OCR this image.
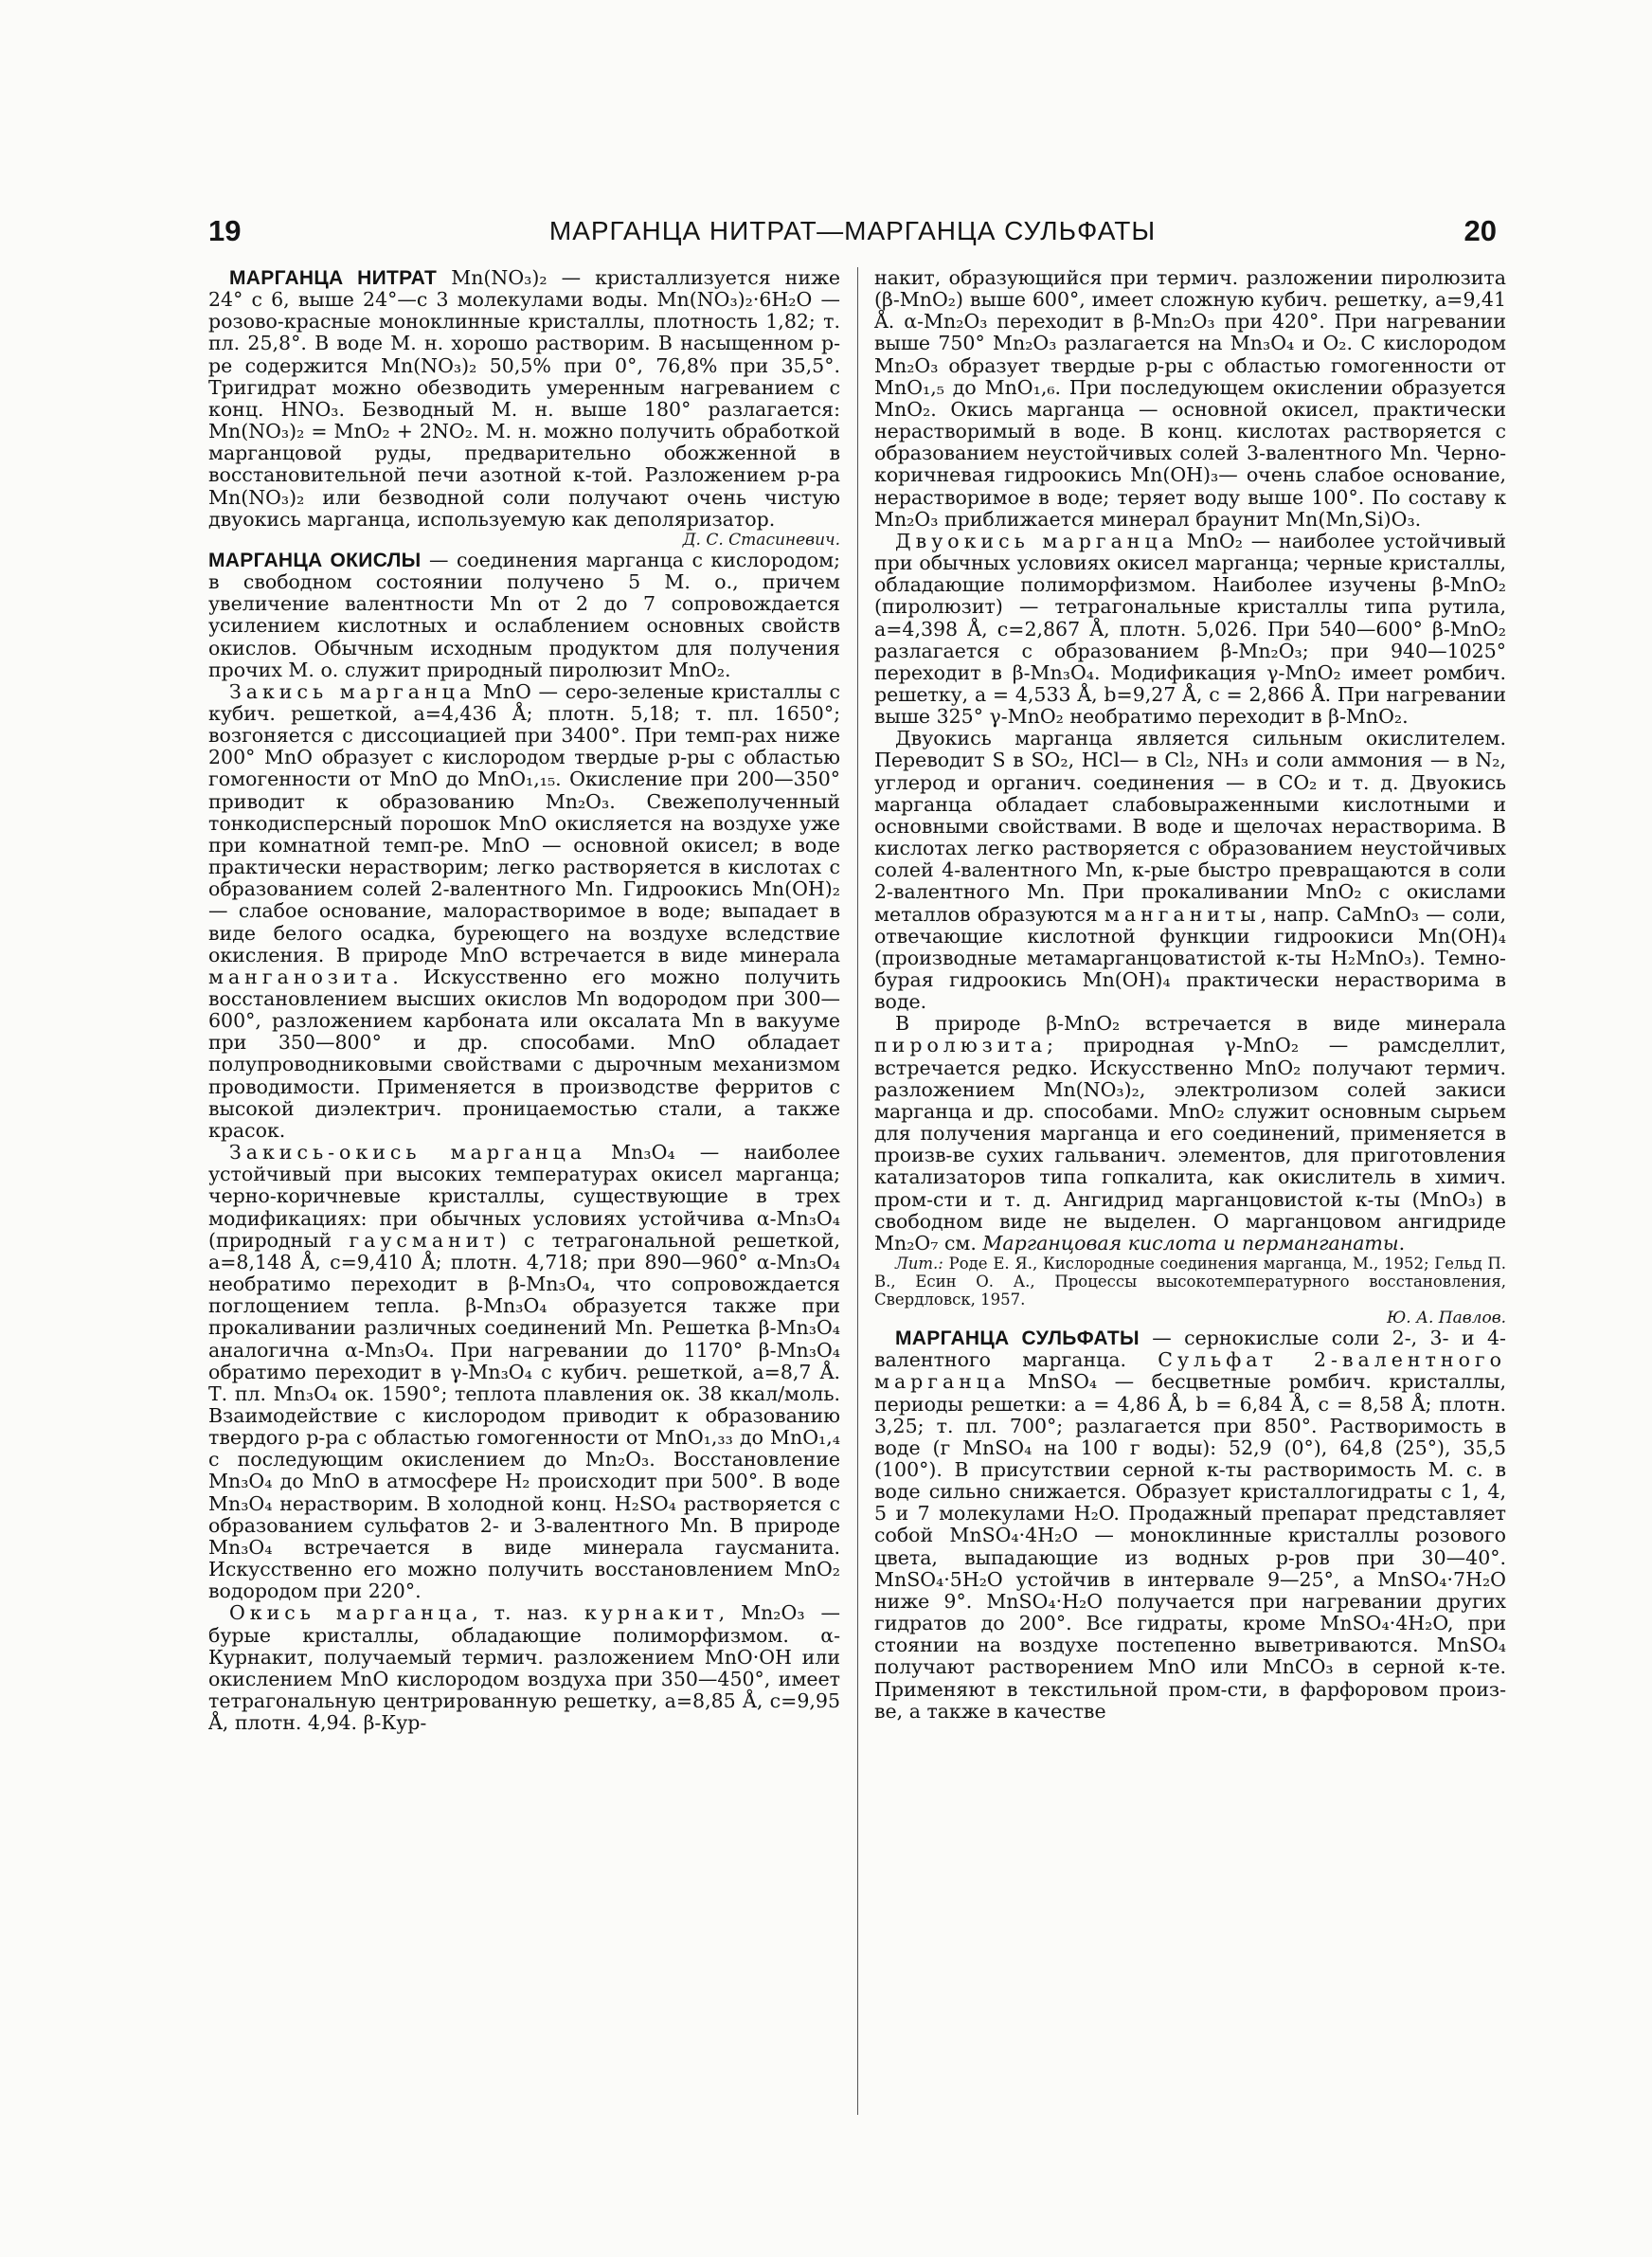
19	МАРГАНЦА НИТРАТ—МАРГАНЦА СУЛЬФАТЫ	20

МАРГАНЦА НИТРАТ Mn(NO₃)₂ — кристаллизуется ниже 24° с 6, выше 24°—с 3 молекулами воды. Mn(NO₃)₂·6H₂O — розово-красные моноклинные кристаллы, плотность 1,82; т. пл. 25,8°. В воде М. н. хорошо растворим. В насыщенном р-ре содержится Mn(NO₃)₂ 50,5% при 0°, 76,8% при 35,5°. Тригидрат можно обезводить умеренным нагреванием с конц. HNO₃. Безводный М. н. выше 180° разлагается: Mn(NO₃)₂ = MnO₂ + 2NO₂. М. н. можно получить обработкой марганцовой руды, предварительно обожженной в восстановительной печи азотной к-той. Разложением р-ра Mn(NO₃)₂ или безводной соли получают очень чистую двуокись марганца, используемую как деполяризатор.
Д. С. Стасиневич.

МАРГАНЦА ОКИСЛЫ — соединения марганца с кислородом; в свободном состоянии получено 5 М. о., причем увеличение валентности Mn от 2 до 7 сопровождается усилением кислотных и ослаблением основных свойств окислов. Обычным исходным продуктом для получения прочих М. о. служит природный пиролюзит MnO₂.

Закись марганца MnO — серо-зеленые кристаллы с кубич. решеткой, a=4,436 Å; плотн. 5,18; т. пл. 1650°; возгоняется с диссоциацией при 3400°. При темп-рах ниже 200° MnO образует с кислородом твердые р-ры с областью гомогенности от MnO до MnO₁,₁₅. Окисление при 200—350° приводит к образованию Mn₂O₃. Свежеполученный тонкодисперсный порошок MnO окисляется на воздухе уже при комнатной темп-ре. MnO — основной окисел; в воде практически нерастворим; легко растворяется в кислотах с образованием солей 2-валентного Mn. Гидроокись Mn(OH)₂ — слабое основание, малорастворимое в воде; выпадает в виде белого осадка, буреющего на воздухе вследствие окисления. В природе MnO встречается в виде минерала манганозита. Искусственно его можно получить восстановлением высших окислов Mn водородом при 300—600°, разложением карбоната или оксалата Mn в вакууме при 350—800° и др. способами. MnO обладает полупроводниковыми свойствами с дырочным механизмом проводимости. Применяется в производстве ферритов с высокой диэлектрич. проницаемостью стали, а также красок.

Закись-окись марганца Mn₃O₄ — наиболее устойчивый при высоких температурах окисел марганца; черно-коричневые кристаллы, существующие в трех модификациях: при обычных условиях устойчива α-Mn₃O₄ (природный гаусманит) с тетрагональной решеткой, a=8,148 Å, c=9,410 Å; плотн. 4,718; при 890—960° α-Mn₃O₄ необратимо переходит в β-Mn₃O₄, что сопровождается поглощением тепла. β-Mn₃O₄ образуется также при прокаливании различных соединений Mn. Решетка β-Mn₃O₄ аналогична α-Mn₃O₄. При нагревании до 1170° β-Mn₃O₄ обратимо переходит в γ-Mn₃O₄ с кубич. решеткой, a=8,7 Å. Т. пл. Mn₃O₄ ок. 1590°; теплота плавления ок. 38 ккал/моль. Взаимодействие с кислородом приводит к образованию твердого р-ра с областью гомогенности от MnO₁,₃₃ до MnO₁,₄ с последующим окислением до Mn₂O₃. Восстановление Mn₃O₄ до MnO в атмосфере H₂ происходит при 500°. В воде Mn₃O₄ нерастворим. В холодной конц. H₂SO₄ растворяется с образованием сульфатов 2- и 3-валентного Mn. В природе Mn₃O₄ встречается в виде минерала гаусманита. Искусственно его можно получить восстановлением MnO₂ водородом при 220°.

Окись марганца, т. наз. курнакит, Mn₂O₃ — бурые кристаллы, обладающие полиморфизмом. α-Курнакит, получаемый термич. разложением MnO·OH или окислением MnO кислородом воздуха при 350—450°, имеет тетрагональную центрированную решетку, a=8,85 Å, c=9,95 Å, плотн. 4,94. β-Кур-

накит, образующийся при термич. разложении пиролюзита (β-MnO₂) выше 600°, имеет сложную кубич. решетку, a=9,41 Å. α-Mn₂O₃ переходит в β-Mn₂O₃ при 420°. При нагревании выше 750° Mn₂O₃ разлагается на Mn₃O₄ и O₂. С кислородом Mn₂O₃ образует твердые р-ры с областью гомогенности от MnO₁,₅ до MnO₁,₆. При последующем окислении образуется MnO₂. Окись марганца — основной окисел, практически нерастворимый в воде. В конц. кислотах растворяется с образованием неустойчивых солей 3-валентного Mn. Черно-коричневая гидроокись Mn(OH)₃— очень слабое основание, нерастворимое в воде; теряет воду выше 100°. По составу к Mn₂O₃ приближается минерал браунит Mn(Mn,Si)O₃.

Двуокись марганца MnO₂ — наиболее устойчивый при обычных условиях окисел марганца; черные кристаллы, обладающие полиморфизмом. Наиболее изучены β-MnO₂ (пиролюзит) — тетрагональные кристаллы типа рутила, a=4,398 Å, c=2,867 Å, плотн. 5,026. При 540—600° β-MnO₂ разлагается с образованием β-Mn₂O₃; при 940—1025° переходит в β-Mn₃O₄. Модификация γ-MnO₂ имеет ромбич. решетку, a = 4,533 Å, b=9,27 Å, c = 2,866 Å. При нагревании выше 325° γ-MnO₂ необратимо переходит в β-MnO₂.

Двуокись марганца является сильным окислителем. Переводит S в SO₂, HCl— в Cl₂, NH₃ и соли аммония — в N₂, углерод и органич. соединения — в CO₂ и т. д. Двуокись марганца обладает слабовыраженными кислотными и основными свойствами. В воде и щелочах нерастворима. В кислотах легко растворяется с образованием неустойчивых солей 4-валентного Mn, к-рые быстро превращаются в соли 2-валентного Mn. При прокаливании MnO₂ с окислами металлов образуются манганиты, напр. CaMnO₃ — соли, отвечающие кислотной функции гидроокиси Mn(OH)₄ (производные метамарганцоватистой к-ты H₂MnO₃). Темно-бурая гидроокись Mn(OH)₄ практически нерастворима в воде.

В природе β-MnO₂ встречается в виде минерала пиролюзита; природная γ-MnO₂ — рамсделлит, встречается редко. Искусственно MnO₂ получают термич. разложением Mn(NO₃)₂, электролизом солей закиси марганца и др. способами. MnO₂ служит основным сырьем для получения марганца и его соединений, применяется в произв-ве сухих гальванич. элементов, для приготовления катализаторов типа гопкалита, как окислитель в химич. пром-сти и т. д. Ангидрид марганцовистой к-ты (MnO₃) в свободном виде не выделен. О марганцовом ангидриде Mn₂O₇ см. Марганцовая кислота и перманганаты.

Лит.: Роде Е. Я., Кислородные соединения марганца, М., 1952; Гельд П. В., Есин О. А., Процессы высокотемпературного восстановления, Свердловск, 1957.
Ю. А. Павлов.

МАРГАНЦА СУЛЬФАТЫ — сернокислые соли 2-, 3- и 4-валентного марганца. Сульфат 2-валентного марганца MnSO₄ — бесцветные ромбич. кристаллы, периоды решетки: a = 4,86 Å, b = 6,84 Å, c = 8,58 Å; плотн. 3,25; т. пл. 700°; разлагается при 850°. Растворимость в воде (г MnSO₄ на 100 г воды): 52,9 (0°), 64,8 (25°), 35,5 (100°). В присутствии серной к-ты растворимость М. с. в воде сильно снижается. Образует кристаллогидраты с 1, 4, 5 и 7 молекулами H₂O. Продажный препарат представляет собой MnSO₄·4H₂O — моноклинные кристаллы розового цвета, выпадающие из водных р-ров при 30—40°. MnSO₄·5H₂O устойчив в интервале 9—25°, а MnSO₄·7H₂O ниже 9°. MnSO₄·H₂O получается при нагревании других гидратов до 200°. Все гидраты, кроме MnSO₄·4H₂O, при стоянии на воздухе постепенно выветриваются. MnSO₄ получают растворением MnO или MnCO₃ в серной к-те. Применяют в текстильной пром-сти, в фарфоровом произ-ве, а также в качестве
